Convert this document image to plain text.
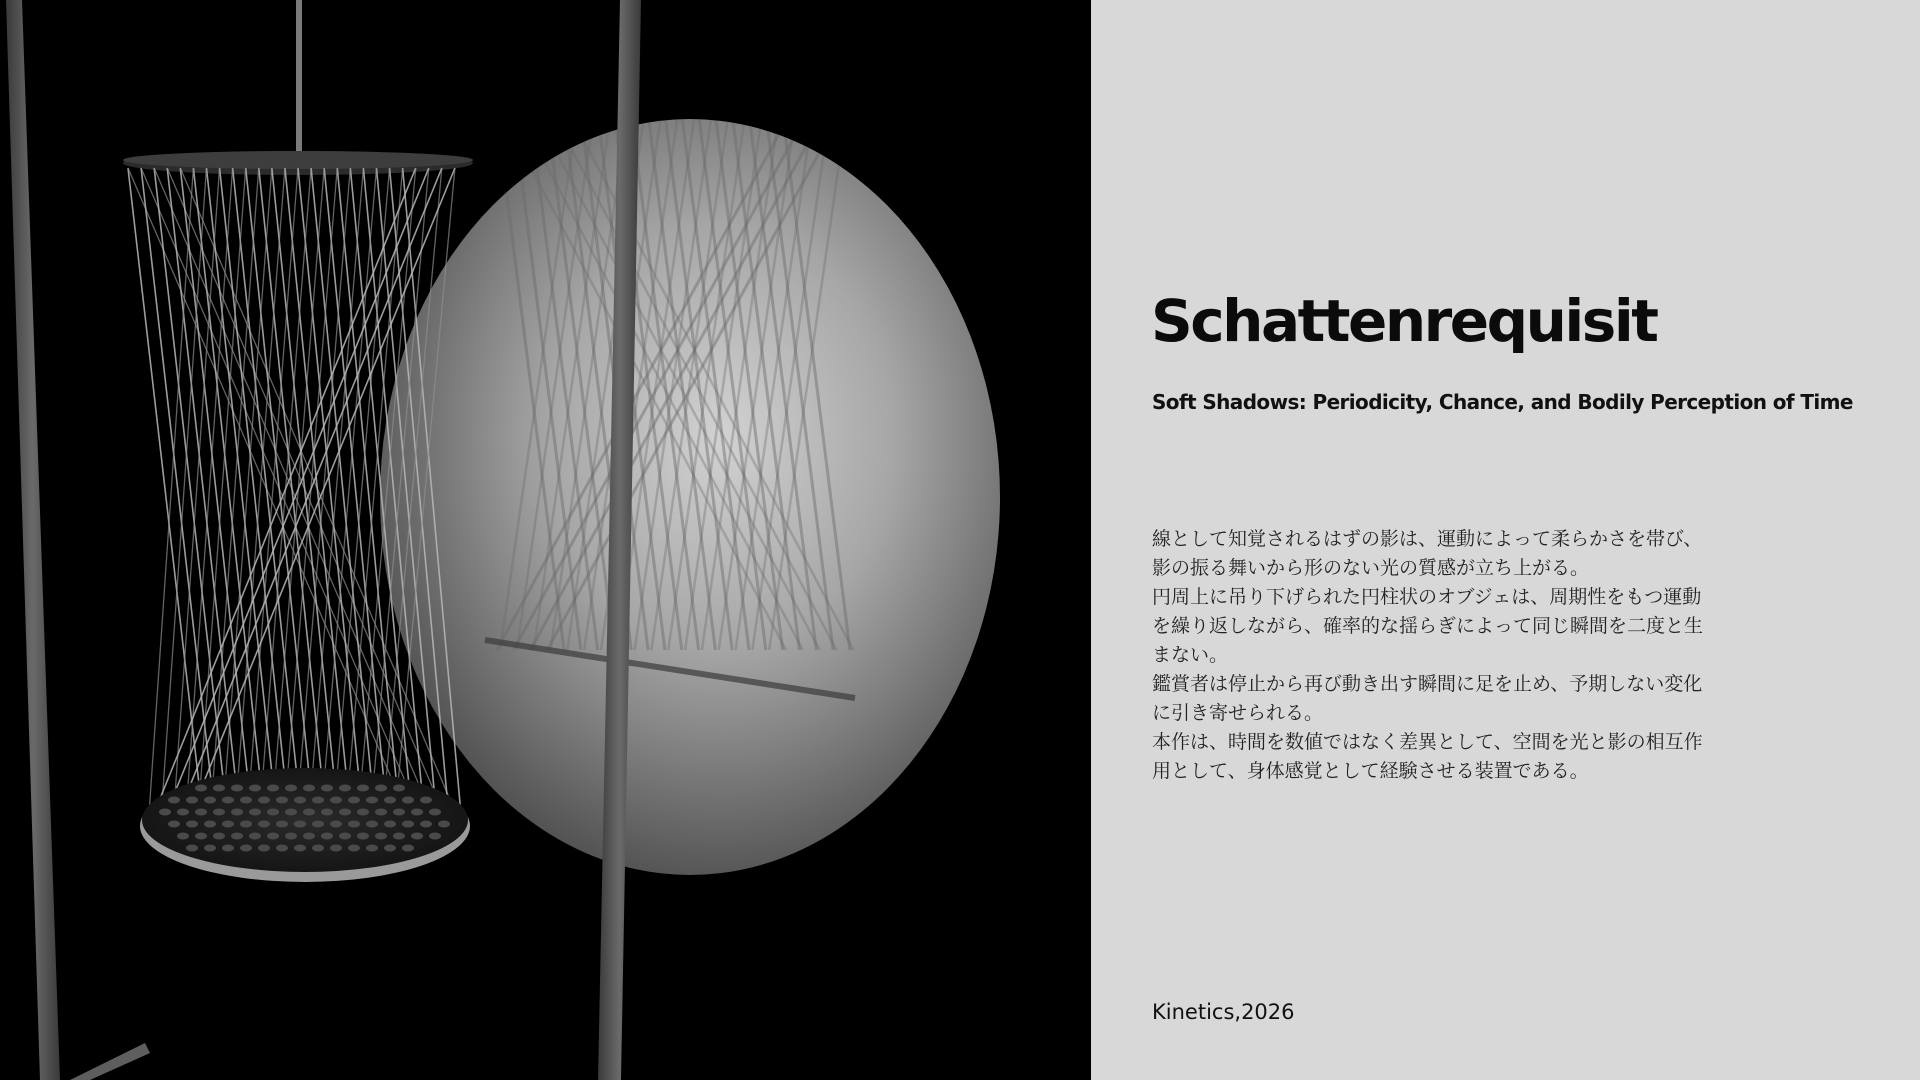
Schattenrequisit
Soft Shadows: Periodicity, Chance, and Bodily Perception of Time

線として知覚されるはずの影は、運動によって柔らかさを帯び、影の振る舞いから形のない光の質感が立ち上がる。

円周上に吊り下げられた円柱状のオブジェは、周期性をもつ運動を繰り返しながら、確率的な揺らぎによって同じ瞬間を二度と生まない。

鑑賞者は停止から再び動き出す瞬間に足を止め、予期しない変化に引き寄せられる。

本作は、時間を数値ではなく差異として、空間を光と影の相互作用として、身体感覚として経験させる装置である。

Kinetics,2026
